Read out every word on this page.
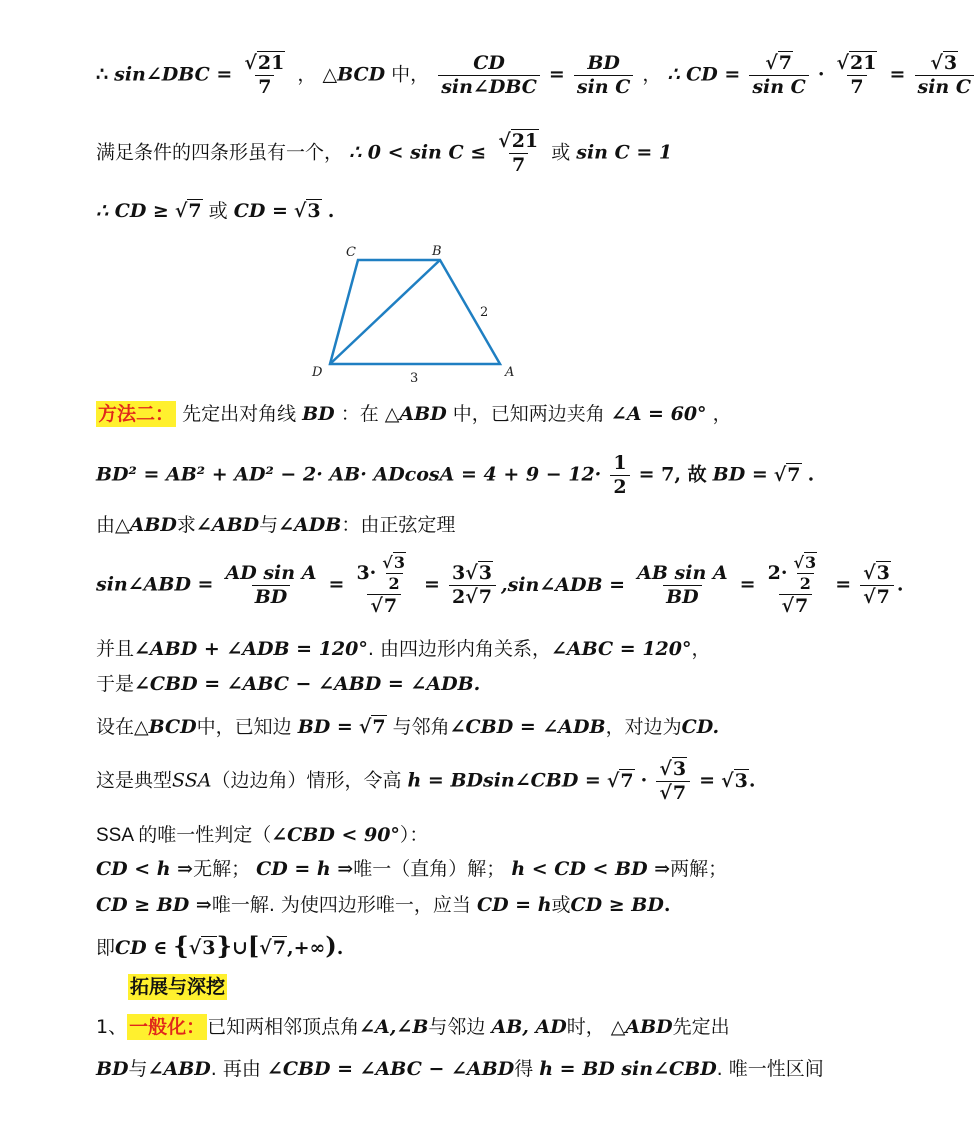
∴ sin∠DBC = $\frac{√21}{7}$ ， △BCD 中， $\frac{CD}{\text{sin∠DBC}} = \frac{BD}{\text{sin C}}$ ， ∴ CD = $\frac{√7}{\text{sin C}} \cdot \frac{√21}{7} = \frac{√3}{\text{sin C}}$
满足条件的四条形虽有一个， ∴ $0 < \sin C \le \frac{√21}{7}$ 或 sin C = 1
∴ CD ≥ √7 或 CD = √3 .
C	B
D	A
2
3
方法二： 先定出对角线 BD ：在 △ABD 中，已知两边夹角 ∠A = 60° ，
$BD^2 = AB^2 + AD^2 - 2\cdot AB\cdot ADcosA = 4 + 9 - 12\cdot \frac{1}{2} = 7$, 故 BD = √7 .
由△ABD求∠ABD与∠ADB：由正弦定理
sin∠ABD = $\frac{\text{AD sin A}}{BD} = \frac{3\cdot \frac{√3}{2}}{√7} = \frac{3√3}{2√7}$ ,sin∠ADB = $\frac{\text{AB sin A}}{BD} = \frac{2\cdot \frac{√3}{2}}{√7} = \frac{√3}{√7}$ .
并且∠ABD + ∠ADB = 120°. 由四边形内角关系，∠ABC = 120°，
于是∠CBD = ∠ABC − ∠ABD = ∠ADB.
设在△BCD中，已知边 BD = √7 与邻角∠CBD = ∠ADB，对边为CD.
这是典型SSA（边边角）情形，令高 h = BDsin∠CBD = $√7 \cdot \frac{√3}{√7} = √3$.
SSA 的唯一性判定（∠CBD < 90°）：
CD < h ⇒无解； CD = h ⇒唯一（直角）解； h < CD < BD ⇒两解；
CD ≥ BD ⇒唯一解. 为使四边形唯一，应当 CD = h或CD ≥ BD.
即CD ∈ {√3}∪[√7,+∞).
拓展与深挖
1、 一般化： 已知两相邻顶点角∠A,∠B与邻边 AB, AD时， △ABD先定出
BD与∠ABD. 再由 ∠CBD = ∠ABC − ∠ABD得 h = BD sin∠CBD. 唯一性区间
